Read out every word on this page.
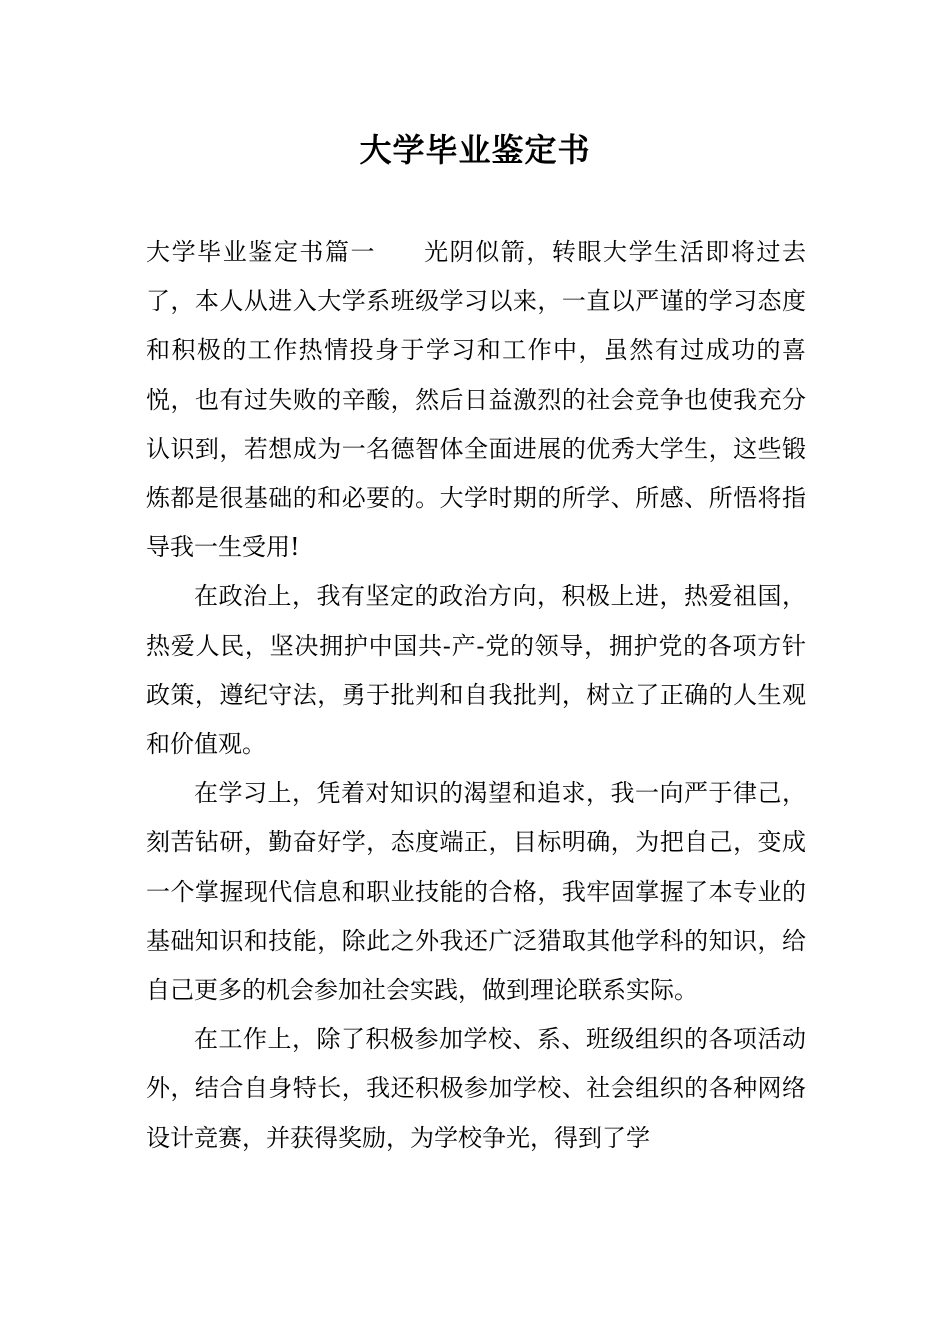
大学毕业鉴定书

大学毕业鉴定书篇一 光阴似箭，转眼大学生活即将过去了，本人从进入大学系班级学习以来，一直以严谨的学习态度和积极的工作热情投身于学习和工作中，虽然有过成功的喜悦，也有过失败的辛酸，然后日益激烈的社会竞争也使我充分认识到，若想成为一名德智体全面进展的优秀大学生，这些锻炼都是很基础的和必要的。大学时期的所学、所感、所悟将指导我一生受用!

在政治上，我有坚定的政治方向，积极上进，热爱祖国，热爱人民，坚决拥护中国共-产-党的领导，拥护党的各项方针政策，遵纪守法，勇于批判和自我批判，树立了正确的人生观和价值观。

在学习上，凭着对知识的渴望和追求，我一向严于律己，刻苦钻研，勤奋好学，态度端正，目标明确，为把自己，变成一个掌握现代信息和职业技能的合格，我牢固掌握了本专业的基础知识和技能，除此之外我还广泛猎取其他学科的知识，给自己更多的机会参加社会实践，做到理论联系实际。

在工作上，除了积极参加学校、系、班级组织的各项活动外，结合自身特长，我还积极参加学校、社会组织的各种网络设计竞赛，并获得奖励，为学校争光，得到了学
